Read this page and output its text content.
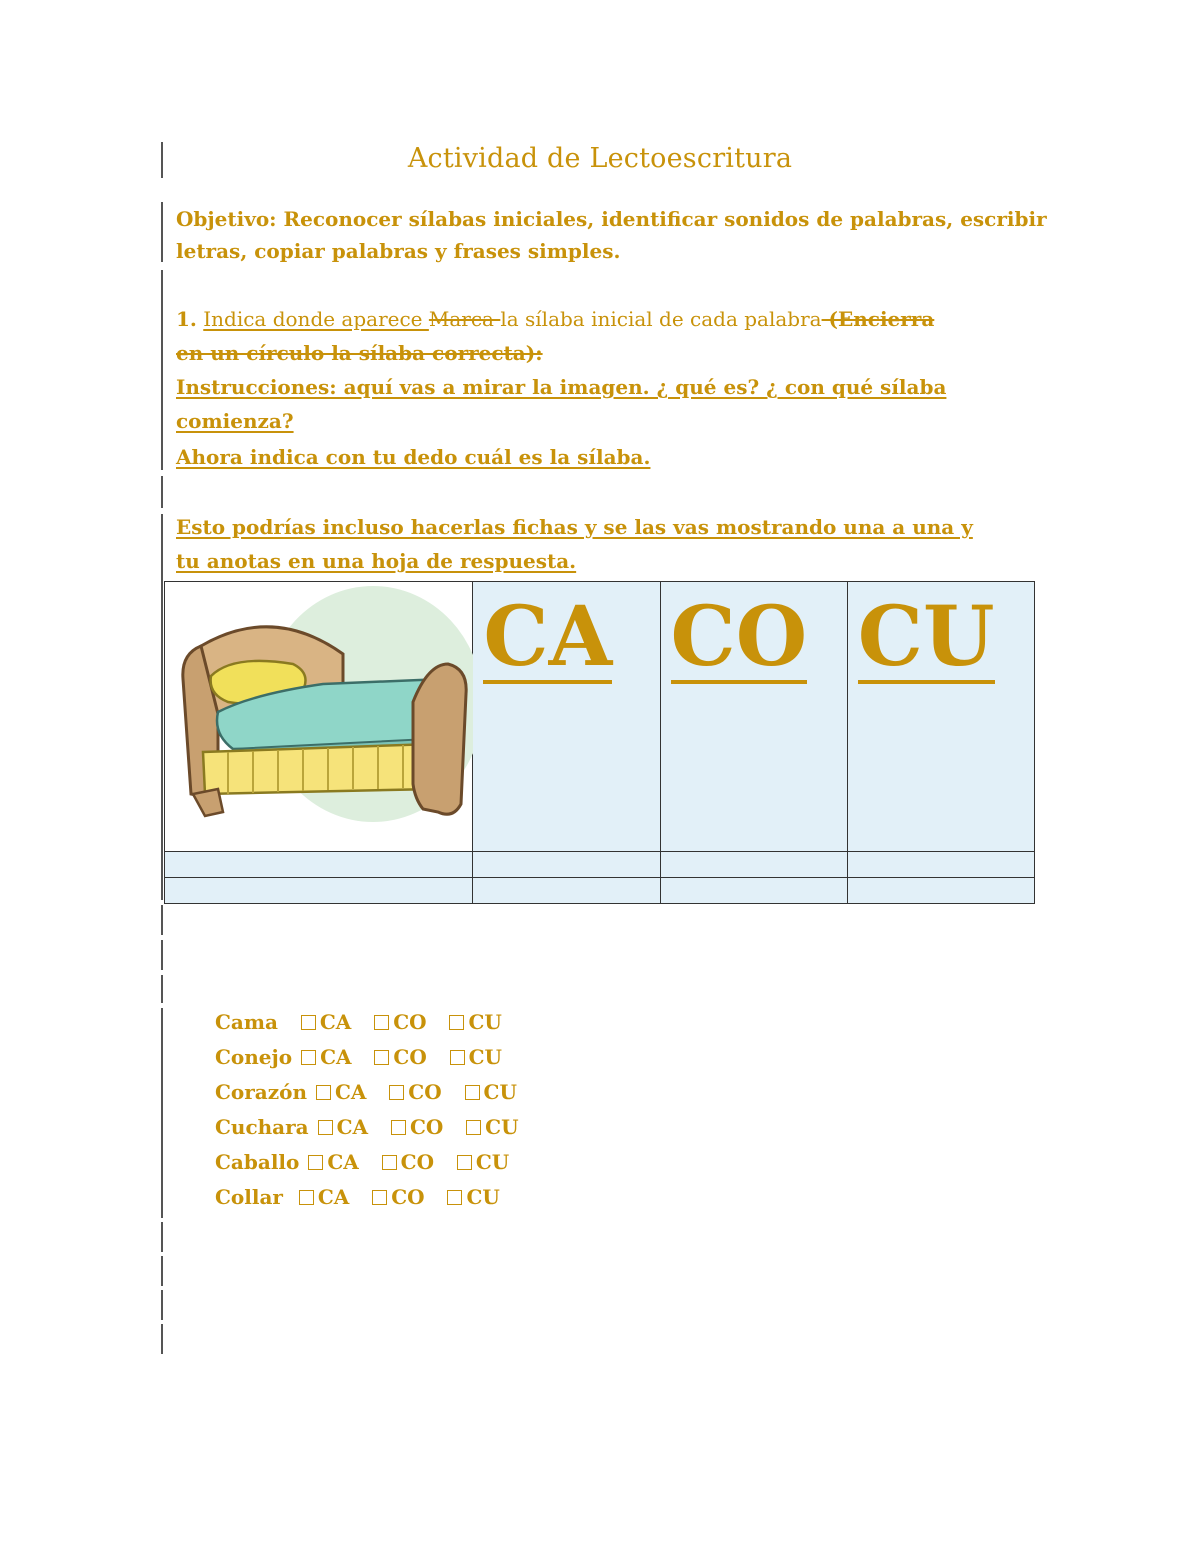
Actividad de Lectoescritura
Objetivo: Reconocer sílabas iniciales, identificar sonidos de palabras, escribir
letras, copiar palabras y frases simples.
1. Indica donde aparece Marca la sílaba inicial de cada palabra (Encierra
en un círculo la sílaba correcta):
Instrucciones: aquí vas a mirar la imagen. ¿ qué es? ¿ con qué sílaba
comienza?
Ahora indica con tu dedo cuál es la sílaba.
Esto podrías incluso hacerlas fichas y se las vas mostrando una a una y
tu anotas en una hoja de respuesta.

CA	CO	CU

Cama CA CO CU
Conejo CA CO CU
Corazón CA CO CU
Cuchara CA CO CU
Caballo CA CO CU
Collar CA CO CU
